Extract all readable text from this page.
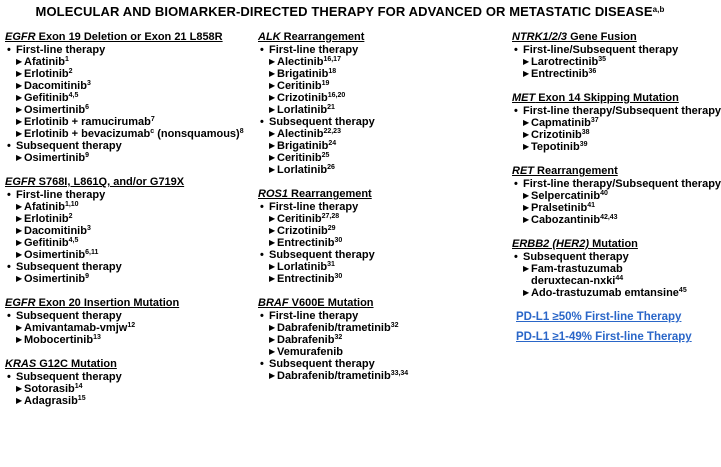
MOLECULAR AND BIOMARKER-DIRECTED THERAPY FOR ADVANCED OR METASTATIC DISEASE$^{a,b}$
EGFR Exon 19 Deletion or Exon 21 L858R
• First-line therapy
▶ Afatinib$^1$
▶ Erlotinib$^2$
▶ Dacomitinib$^3$
▶ Gefitinib$^{4,5}$
▶ Osimertinib$^6$
▶ Erlotinib + ramucirumab$^7$
▶ Erlotinib + bevacizumab$^c$ (nonsquamous)$^8$
• Subsequent therapy
▶ Osimertinib$^9$
EGFR S768I, L861Q, and/or G719X
• First-line therapy
▶ Afatinib$^{1,10}$
▶ Erlotinib$^2$
▶ Dacomitinib$^3$
▶ Gefitinib$^{4,5}$
▶ Osimertinib$^{6,11}$
• Subsequent therapy
▶ Osimertinib$^9$
EGFR Exon 20 Insertion Mutation
• Subsequent therapy
▶ Amivantamab-vmjw$^{12}$
▶ Mobocertinib$^{13}$
KRAS G12C Mutation
• Subsequent therapy
▶ Sotorasib$^{14}$
▶ Adagrasib$^{15}$
ALK Rearrangement
• First-line therapy
▶ Alectinib$^{16,17}$
▶ Brigatinib$^{18}$
▶ Ceritinib$^{19}$
▶ Crizotinib$^{16,20}$
▶ Lorlatinib$^{21}$
• Subsequent therapy
▶ Alectinib$^{22,23}$
▶ Brigatinib$^{24}$
▶ Ceritinib$^{25}$
▶ Lorlatinib$^{26}$
ROS1 Rearrangement
• First-line therapy
▶ Ceritinib$^{27,28}$
▶ Crizotinib$^{29}$
▶ Entrectinib$^{30}$
• Subsequent therapy
▶ Lorlatinib$^{31}$
▶ Entrectinib$^{30}$
BRAF V600E Mutation
• First-line therapy
▶ Dabrafenib/trametinib$^{32}$
▶ Dabrafenib$^{32}$
▶ Vemurafenib
• Subsequent therapy
▶ Dabrafenib/trametinib$^{33,34}$
NTRK1/2/3 Gene Fusion
• First-line/Subsequent therapy
▶ Larotrectinib$^{35}$
▶ Entrectinib$^{36}$
MET Exon 14 Skipping Mutation
• First-line therapy/Subsequent therapy
▶ Capmatinib$^{37}$
▶ Crizotinib$^{38}$
▶ Tepotinib$^{39}$
RET Rearrangement
• First-line therapy/Subsequent therapy
▶ Selpercatinib$^{40}$
▶ Pralsetinib$^{41}$
▶ Cabozantinib$^{42,43}$
ERBB2 (HER2) Mutation
• Subsequent therapy
▶ Fam-trastuzumab
deruxtecan-nxki$^{44}$
▶ Ado-trastuzumab emtansine$^{45}$
PD-L1 ≥50% First-line Therapy
PD-L1 ≥1-49% First-line Therapy
